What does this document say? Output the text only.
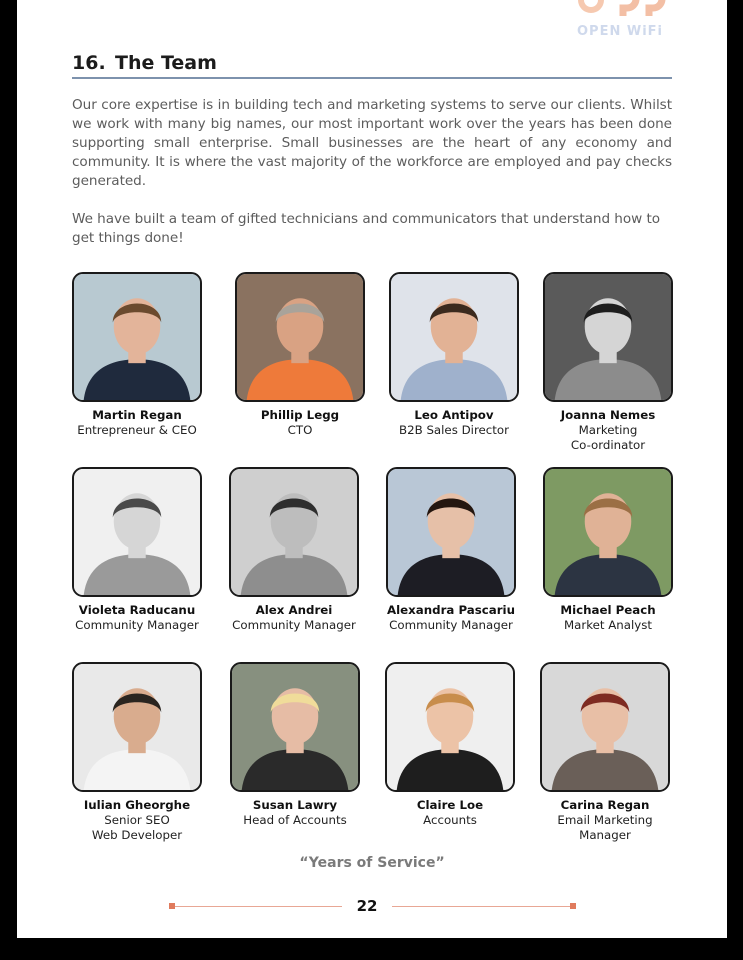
OPEN WiFi
16. The Team

Our core expertise is in building tech and marketing systems to serve our clients. Whilst we work with many big names, our most important work over the years has been done supporting small enterprise. Small businesses are the heart of any economy and community. It is where the vast majority of the workforce are employed and pay checks generated.

We have built a team of gifted technicians and communicators that understand how to get things done!

Martin Regan
Entrepreneur & CEO
Phillip Legg
CTO
Leo Antipov
B2B Sales Director
Joanna Nemes
Marketing
Co-ordinator
Violeta Raducanu
Community Manager
Alex Andrei
Community Manager
Alexandra Pascariu
Community Manager
Michael Peach
Market Analyst
Iulian Gheorghe
Senior SEO
Web Developer
Susan Lawry
Head of Accounts
Claire Loe
Accounts
Carina Regan
Email Marketing
Manager
“Years of Service”
22
